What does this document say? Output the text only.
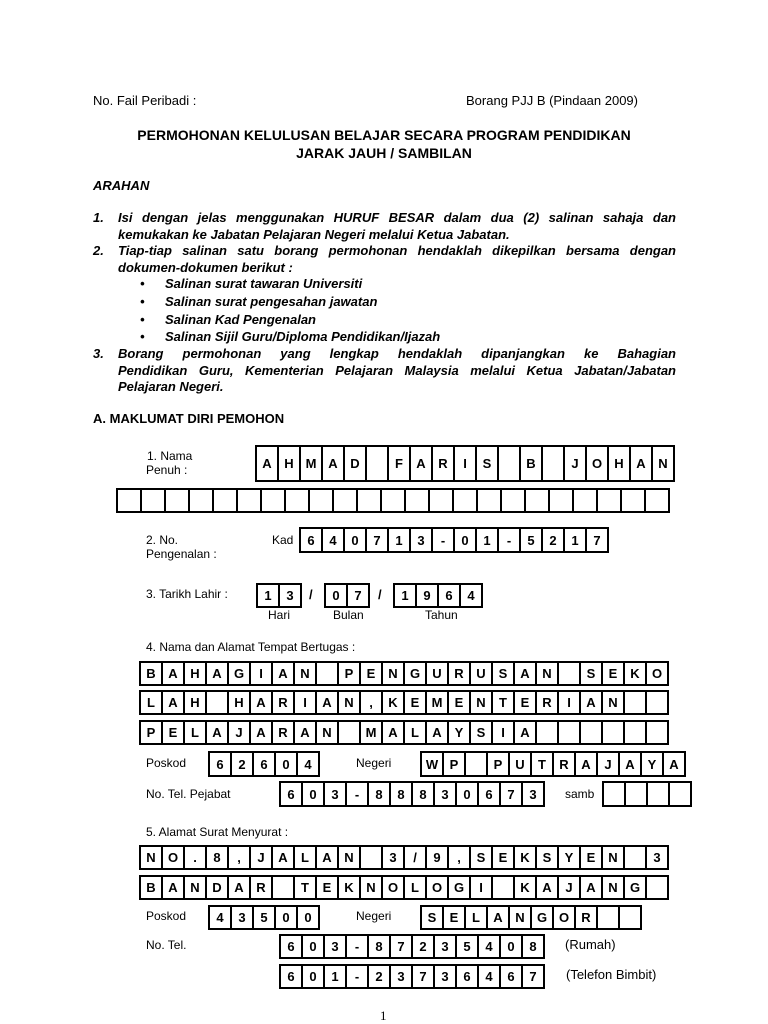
No. Fail Peribadi :	Borang PJJ B (Pindaan 2009)
PERMOHONAN KELULUSAN BELAJAR SECARA PROGRAM PENDIDIKAN
JARAK JAUH / SAMBILAN
ARAHAN
1. Isi dengan jelas menggunakan HURUF BESAR dalam dua (2) salinan sahaja dan
kemukakan ke Jabatan Pelajaran Negeri melalui Ketua Jabatan.
2. Tiap-tiap salinan satu borang permohonan hendaklah dikepilkan bersama dengan
dokumen-dokumen berikut :
• Salinan surat tawaran Universiti
• Salinan surat pengesahan jawatan
• Salinan Kad Pengenalan
• Salinan Sijil Guru/Diploma Pendidikan/Ijazah
3. Borang permohonan yang lengkap hendaklah dipanjangkan ke Bahagian
Pendidikan Guru, Kementerian Pelajaran Malaysia melalui Ketua Jabatan/Jabatan
Pelajaran Negeri.
A. MAKLUMAT DIRI PEMOHON
1. Nama
Penuh :	A H M A D	F	A R	I	S	B	J	O H A N
2. No.
Pengenalan :
Kad	6	4	0	7	1	3	-	0	1	-	5	2	1	7
3. Tarikh Lahir :	1	3	/	0	7	/	1	9	6	4
Hari	Bulan	Tahun
4. Nama dan Alamat Tempat Bertugas :
B A H A G	I	A N	P	E N G U R U S A N	S	E K O
L	A H	H A R	I	A N	,	K E M E N	T	E R	I	A N
P	E	L	A	J	A R A N	M A	L	A Y	S	I	A
Poskod	6	2	6	0	4	Negeri	W P	P U	T	R A	J	A Y A
No. Tel. Pejabat	6	0	3	-	8	8	8	3	0	6	7	3	samb
5. Alamat Surat Menyurat :
N O	.	8	,	J	A	L	A N	3	/	9	,	S	E K S	Y	E N	3
B A N D A R	T	E K N O L O G	I	K A	J	A N G
Poskod	4	3	5	0	0	Negeri	S	E	L	A N G O R
No. Tel.	6	0	3	-	8	7	2	3	5	4	0	8	(Rumah)
6	0	1	-	2	3	7	3	6	4	6	7	(Telefon Bimbit)
1
